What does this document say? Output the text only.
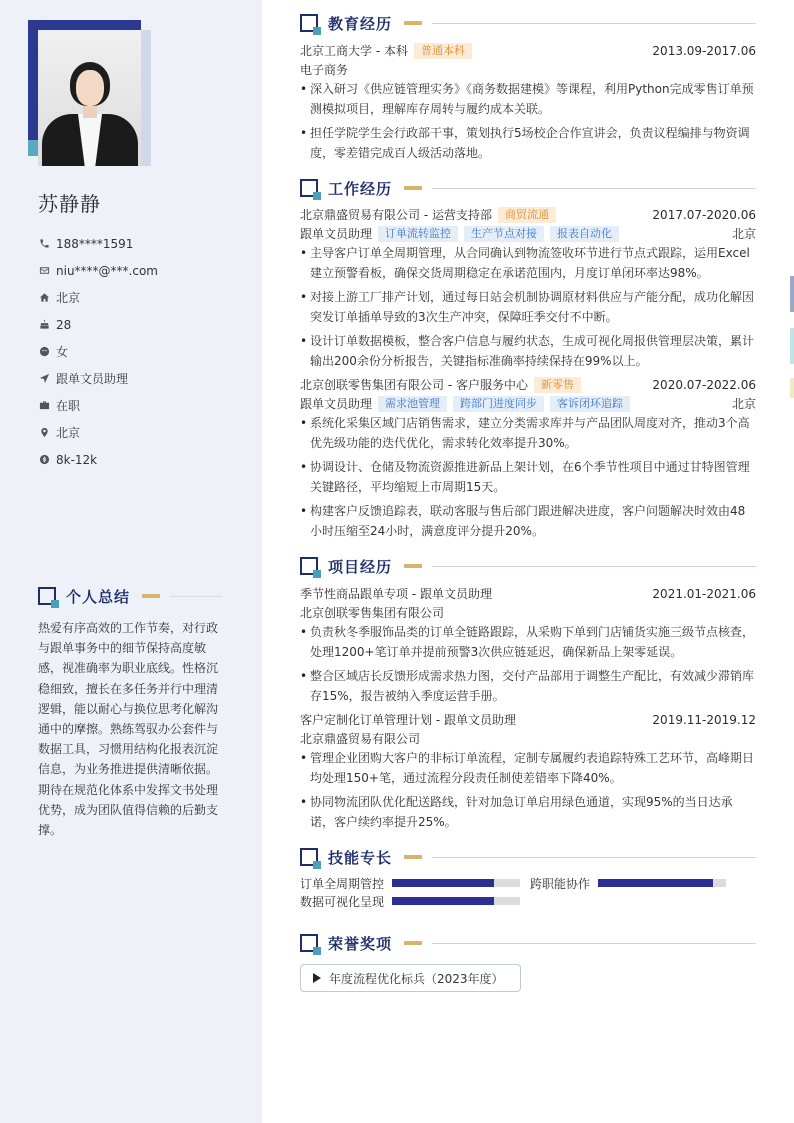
苏静静
188****1591
niu****@***.com
北京
28
女
跟单文员助理
在职
北京
8k-12k
个人总结
热爱有序高效的工作节奏，对行政与跟单事务中的细节保持高度敏感，视准确率为职业底线。性格沉稳细致，擅长在多任务并行中理清逻辑，能以耐心与换位思考化解沟通中的摩擦。熟练驾驭办公套件与数据工具，习惯用结构化报表沉淀信息，为业务推进提供清晰依据。期待在规范化体系中发挥文书处理优势，成为团队值得信赖的后勤支撑。
教育经历
北京工商大学 - 本科	普通本科	2013.09-2017.06
电子商务
• 深入研习《供应链管理实务》《商务数据建模》等课程，利用Python完成零售订单预测模拟项目，理解库存周转与履约成本关联。
• 担任学院学生会行政部干事，策划执行5场校企合作宣讲会，负责议程编排与物资调度，零差错完成百人级活动落地。
工作经历
北京鼎盛贸易有限公司 - 运营支持部	商贸流通	2017.07-2020.06
跟单文员助理	订单流转监控	生产节点对接	报表自动化	北京
• 主导客户订单全周期管理，从合同确认到物流签收环节进行节点式跟踪，运用Excel建立预警看板，确保交货周期稳定在承诺范围内，月度订单闭环率达98%。
• 对接上游工厂排产计划，通过每日站会机制协调原材料供应与产能分配，成功化解因突发订单插单导致的3次生产冲突，保障旺季交付不中断。
• 设计订单数据模板，整合客户信息与履约状态，生成可视化周报供管理层决策，累计输出200余份分析报告，关键指标准确率持续保持在99%以上。
北京创联零售集团有限公司 - 客户服务中心	新零售	2020.07-2022.06
跟单文员助理	需求池管理	跨部门进度同步	客诉闭环追踪	北京
• 系统化采集区域门店销售需求，建立分类需求库并与产品团队周度对齐，推动3个高优先级功能的迭代优化，需求转化效率提升30%。
• 协调设计、仓储及物流资源推进新品上架计划，在6个季节性项目中通过甘特图管理关键路径，平均缩短上市周期15天。
• 构建客户反馈追踪表，联动客服与售后部门跟进解决进度，客户问题解决时效由48小时压缩至24小时，满意度评分提升20%。
项目经历
季节性商品跟单专项 - 跟单文员助理	2021.01-2021.06
北京创联零售集团有限公司
• 负责秋冬季服饰品类的订单全链路跟踪，从采购下单到门店铺货实施三级节点核查，处理1200+笔订单并提前预警3次供应链延迟，确保新品上架零延误。
• 整合区域店长反馈形成需求热力图，交付产品部用于调整生产配比，有效减少滞销库存15%，报告被纳入季度运营手册。
客户定制化订单管理计划 - 跟单文员助理	2019.11-2019.12
北京鼎盛贸易有限公司
• 管理企业团购大客户的非标订单流程，定制专属履约表追踪特殊工艺环节，高峰期日均处理150+笔，通过流程分段责任制使差错率下降40%。
• 协同物流团队优化配送路线，针对加急订单启用绿色通道，实现95%的当日达承诺，客户续约率提升25%。
技能专长
订单全周期管控	跨职能协作
数据可视化呈现
荣誉奖项
年度流程优化标兵（2023年度）
